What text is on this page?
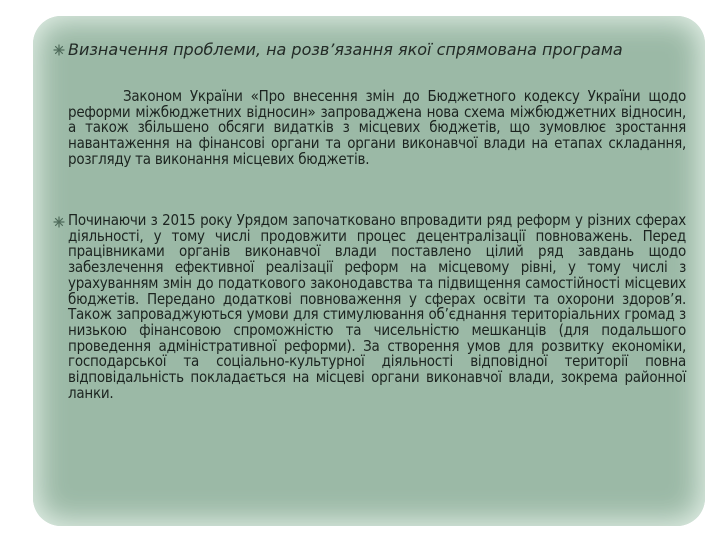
Визначення проблеми, на розв’язання якої спрямована програма

Законом України «Про внесення змін до Бюджетного кодексу України щодо реформи міжбюджетних відносин» запроваджена нова схема міжбюджетних відносин, а також збільшено обсяги видатків з місцевих бюджетів, що зумовлює зростання навантаження на фінансові органи та органи виконавчої влади на етапах складання, розгляду та виконання місцевих бюджетів.

Починаючи з 2015 року Урядом започатковано впровадити ряд реформ у різних сферах діяльності, у тому числі продовжити процес децентралізації повноважень. Перед працівниками органів виконавчої влади поставлено цілий ряд завдань щодо забезлечення ефективної реалізації реформ на місцевому рівні, у тому числі з урахуванням змін до податкового законодавства та підвищення самостійності місцевих бюджетів. Передано додаткові повноваження у сферах освіти та охорони здоров’я. Також запроваджуються умови для стимулювання об’єднання територіальних громад з низькою фінансовою спроможністю та чисельністю мешканців (для подальшого проведення адміністративної реформи). За створення умов для розвитку економіки, господарської та соціально-культурної діяльності відповідної території повна відповідальність покладається на місцеві органи виконавчої влади, зокрема районної ланки.
